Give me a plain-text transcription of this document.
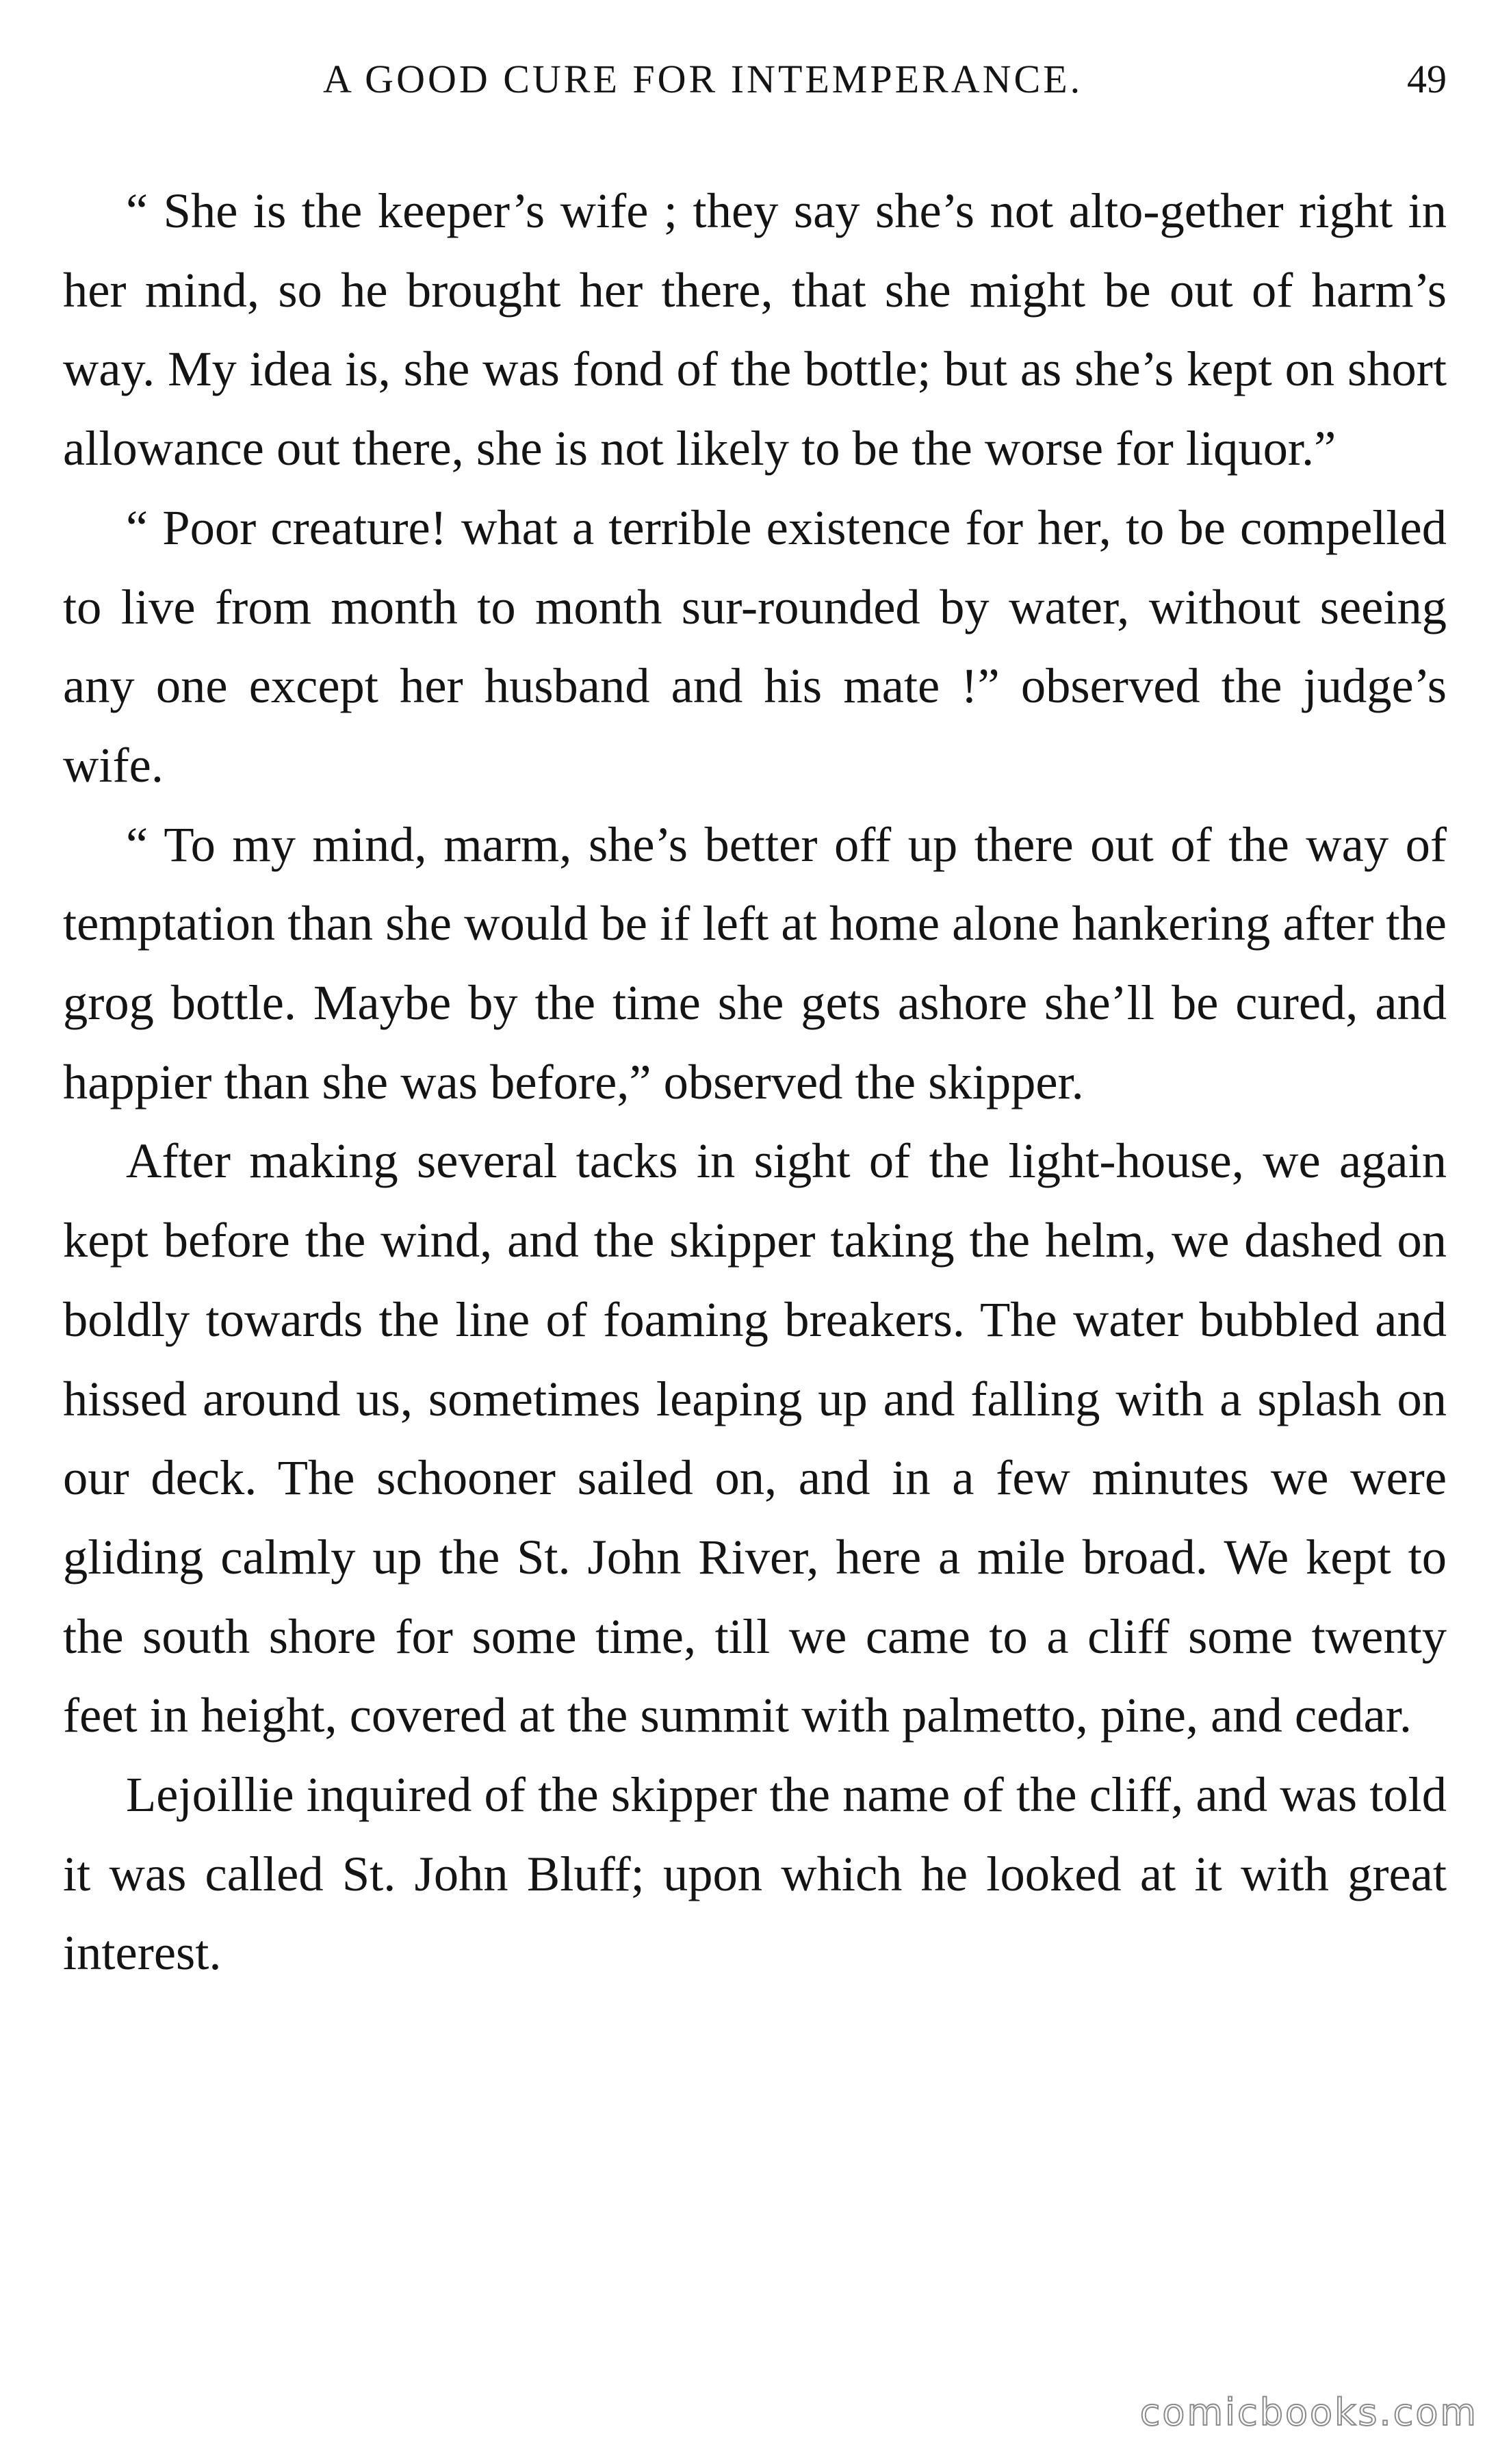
A GOOD CURE FOR INTEMPERANCE.	49

“ She is the keeper’s wife ; they say she’s not alto-gether right in her mind, so he brought her there, that she might be out of harm’s way. My idea is, she was fond of the bottle; but as she’s kept on short allowance out there, she is not likely to be the worse for liquor.”

“ Poor creature! what a terrible existence for her, to be compelled to live from month to month sur-rounded by water, without seeing any one except her husband and his mate !” observed the judge’s wife.

“ To my mind, marm, she’s better off up there out of the way of temptation than she would be if left at home alone hankering after the grog bottle. Maybe by the time she gets ashore she’ll be cured, and happier than she was before,” observed the skipper.

After making several tacks in sight of the light-house, we again kept before the wind, and the skipper taking the helm, we dashed on boldly towards the line of foaming breakers. The water bubbled and hissed around us, sometimes leaping up and falling with a splash on our deck. The schooner sailed on, and in a few minutes we were gliding calmly up the St. John River, here a mile broad. We kept to the south shore for some time, till we came to a cliff some twenty feet in height, covered at the summit with palmetto, pine, and cedar.

Lejoillie inquired of the skipper the name of the cliff, and was told it was called St. John Bluff; upon which he looked at it with great interest.

comicbooks.com
